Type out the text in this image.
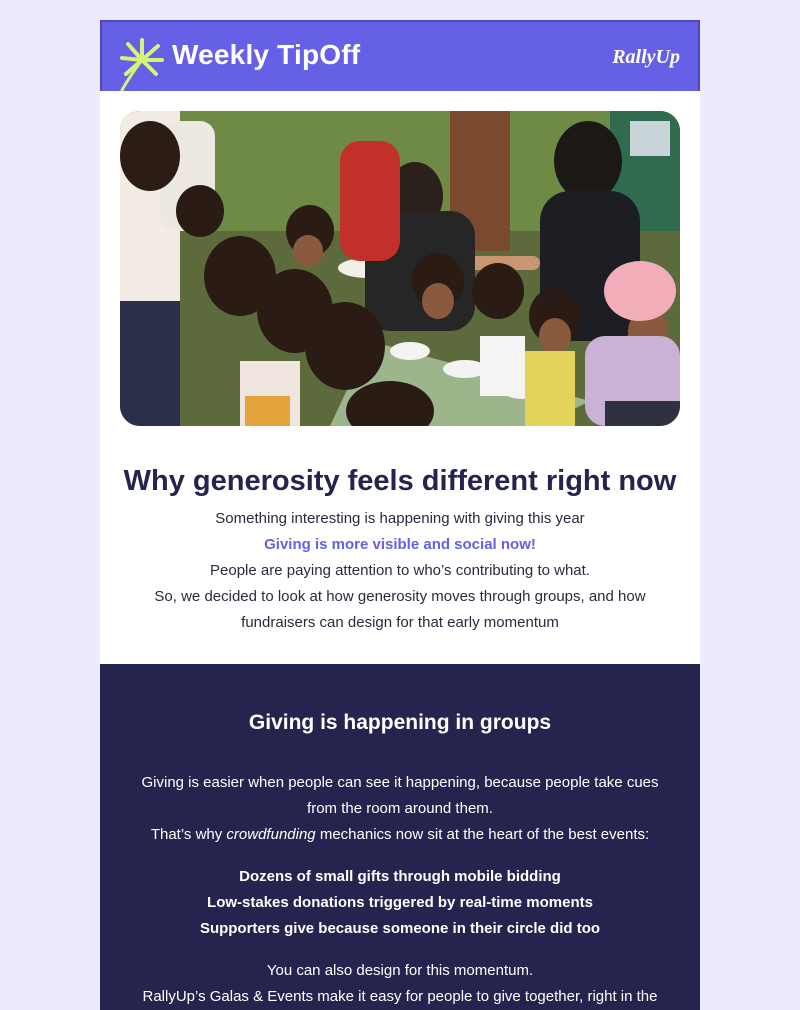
Weekly TipOff	RallyUp
Why generosity feels different right now

Something interesting is happening with giving this year

Giving is more visible and social now!

People are paying attention to who’s contributing to what.

So, we decided to look at how generosity moves through groups, and how fundraisers can design for that early momentum

Giving is happening in groups

Giving is easier when people can see it happening, because people take cues from the room around them.

That’s why crowdfunding mechanics now sit at the heart of the best events:

Dozens of small gifts through mobile bidding

Low-stakes donations triggered by real-time moments

Supporters give because someone in their circle did too

You can also design for this momentum.

RallyUp’s Galas & Events make it easy for people to give together, right in the
